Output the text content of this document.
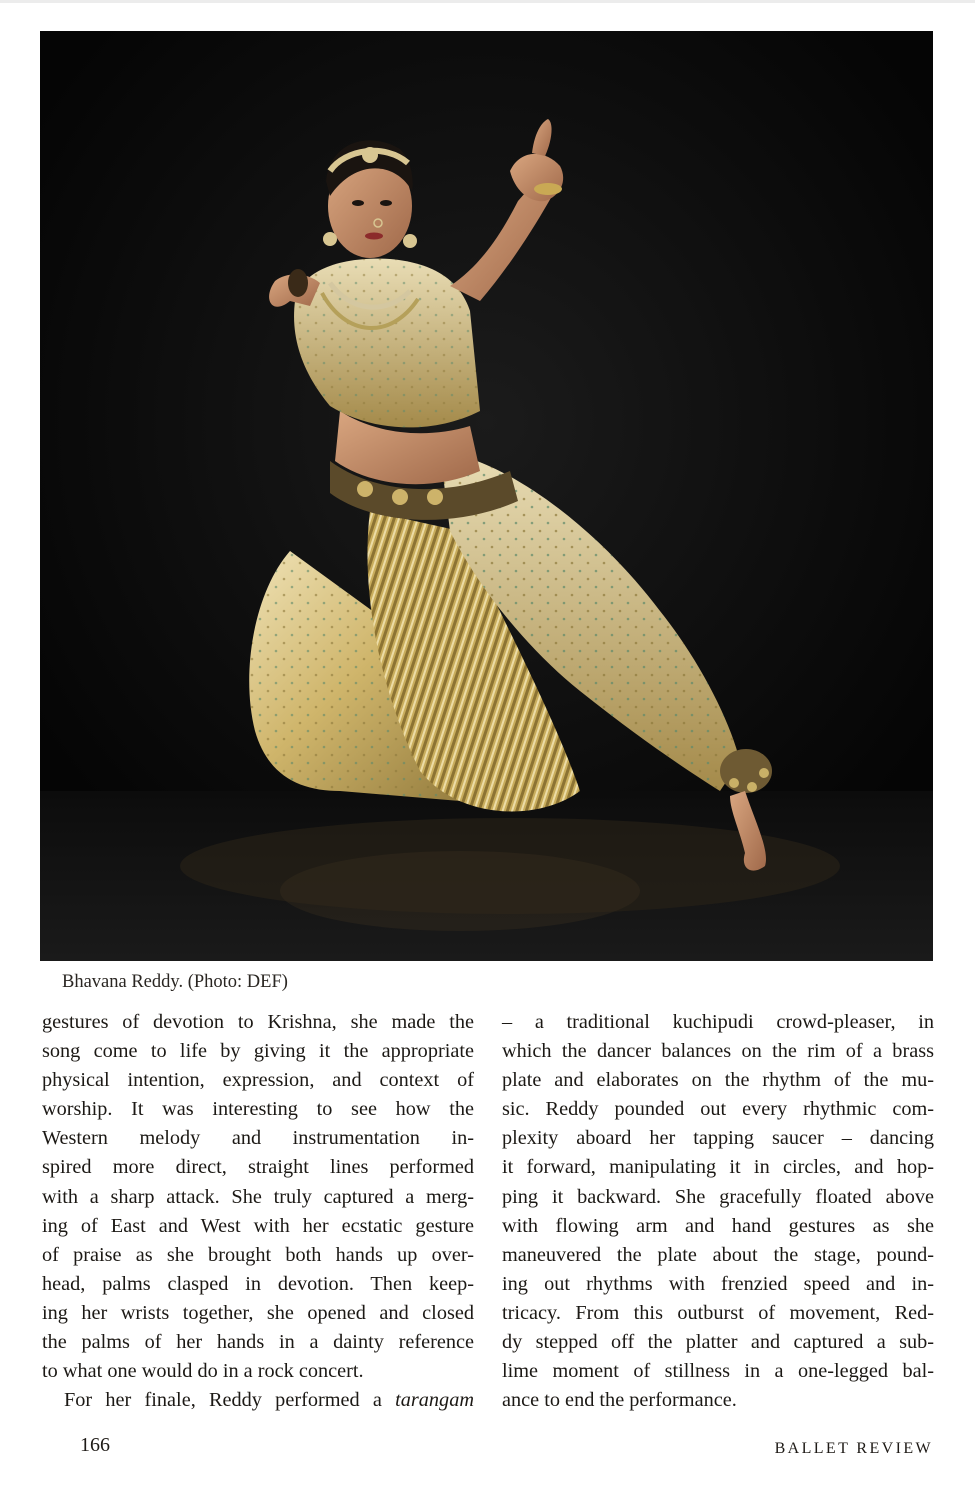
Bhavana Reddy. (Photo: DEF)
gestures of devotion to Krishna, she made the
song come to life by giving it the appropriate
physical intention, expression, and context of
worship. It was interesting to see how the
Western melody and instrumentation in-
spired more direct, straight lines performed
with a sharp attack. She truly captured a merg-
ing of East and West with her ecstatic gesture
of praise as she brought both hands up over-
head, palms clasped in devotion. Then keep-
ing her wrists together, she opened and closed
the palms of her hands in a dainty reference
to what one would do in a rock concert.
For her finale, Reddy performed a tarangam
– a traditional kuchipudi crowd-pleaser, in
which the dancer balances on the rim of a brass
plate and elaborates on the rhythm of the mu-
sic. Reddy pounded out every rhythmic com-
plexity aboard her tapping saucer – dancing
it forward, manipulating it in circles, and hop-
ping it backward. She gracefully floated above
with flowing arm and hand gestures as she
maneuvered the plate about the stage, pound-
ing out rhythms with frenzied speed and in-
tricacy. From this outburst of movement, Red-
dy stepped off the platter and captured a sub-
lime moment of stillness in a one-legged bal-
ance to end the performance.
166	BALLET REVIEW
